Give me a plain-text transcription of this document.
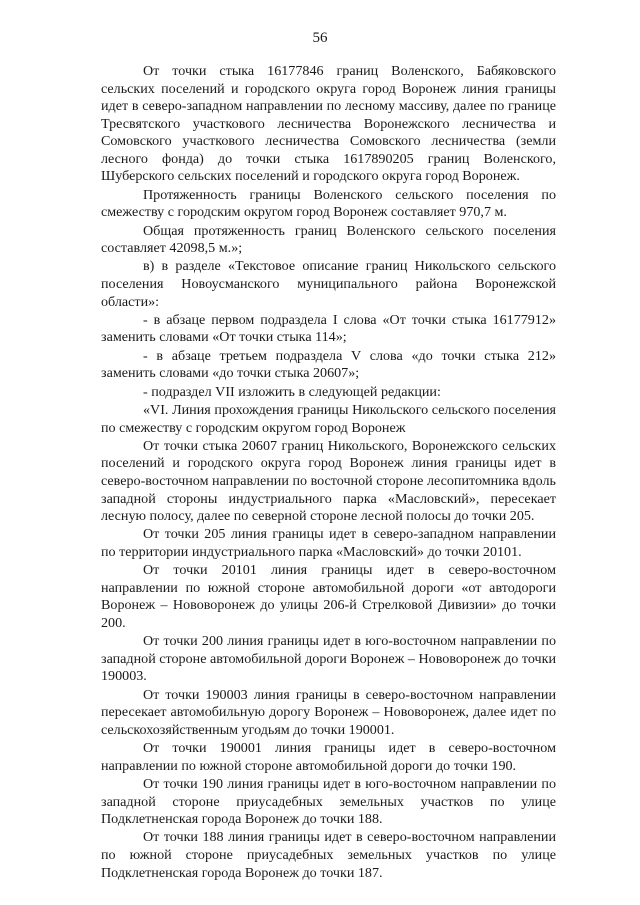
56

От точки стыка 16177846 границ Воленского, Бабяковского сельских поселений и городского округа город Воронеж линия границы идет в северо-западном направлении по лесному массиву, далее по границе Тресвятского участкового лесничества Воронежского лесничества и Сомовского участкового лесничества Сомовского лесничества (земли лесного фонда) до точки стыка 1617890205 границ Воленского, Шуберского сельских поселений и городского округа город Воронеж.

Протяженность границы Воленского сельского поселения по смежеству с городским округом город Воронеж составляет 970,7 м.

Общая протяженность границ Воленского сельского поселения составляет 42098,5 м.»;

в) в разделе «Текстовое описание границ Никольского сельского поселения Новоусманского муниципального района Воронежской области»:

- в абзаце первом подраздела I слова «От точки стыка 16177912» заменить словами «От точки стыка 114»;

- в абзаце третьем подраздела V слова «до точки стыка 212» заменить словами «до точки стыка 20607»;

- подраздел VII изложить в следующей редакции:

«VI. Линия прохождения границы Никольского сельского поселения по смежеству с городским округом город Воронеж

От точки стыка 20607 границ Никольского, Воронежского сельских поселений и городского округа город Воронеж линия границы идет в северо-восточном направлении по восточной стороне лесопитомника вдоль западной стороны индустриального парка «Масловский», пересекает лесную полосу, далее по северной стороне лесной полосы до точки 205.

От точки 205 линия границы идет в северо-западном направлении по территории индустриального парка «Масловский» до точки 20101.

От точки 20101 линия границы идет в северо-восточном направлении по южной стороне автомобильной дороги «от автодороги Воронеж – Нововоронеж до улицы 206-й Стрелковой Дивизии» до точки 200.

От точки 200 линия границы идет в юго-восточном направлении по западной стороне автомобильной дороги Воронеж – Нововоронеж до точки 190003.

От точки 190003 линия границы в северо-восточном направлении пересекает автомобильную дорогу Воронеж – Нововоронеж, далее идет по сельскохозяйственным угодьям до точки 190001.

От точки 190001 линия границы идет в северо-восточном направлении по южной стороне автомобильной дороги до точки 190.

От точки 190 линия границы идет в юго-восточном направлении по западной стороне приусадебных земельных участков по улице Подклетненская города Воронеж до точки 188.

От точки 188 линия границы идет в северо-восточном направлении по южной стороне приусадебных земельных участков по улице Подклетненская города Воронеж до точки 187.
